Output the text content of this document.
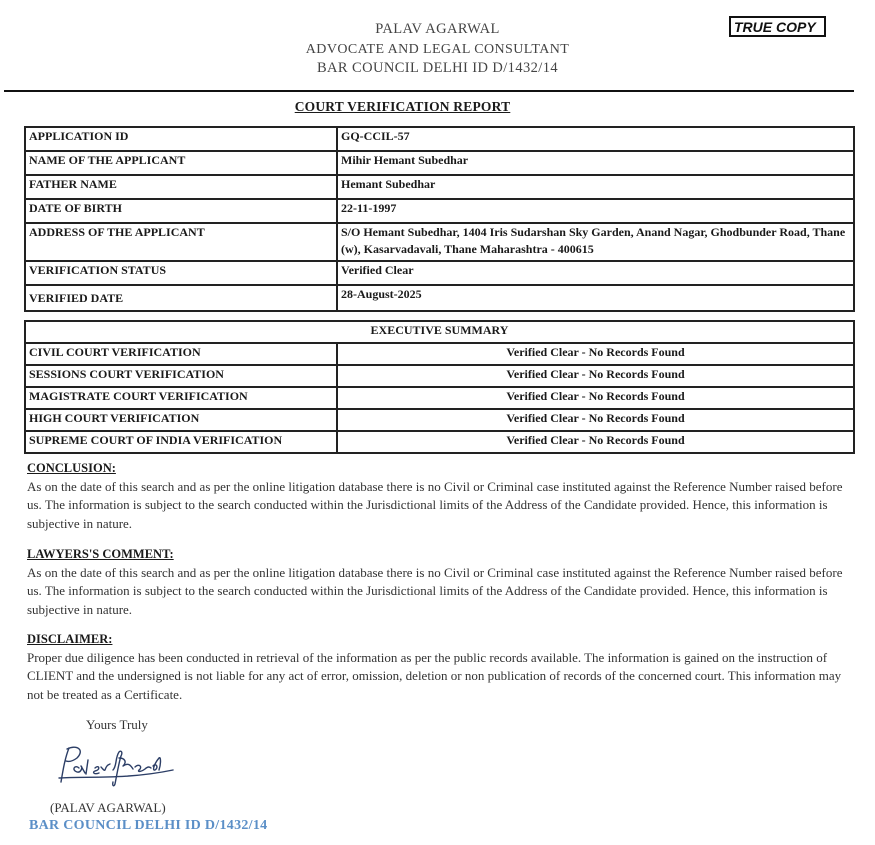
PALAV AGARWAL
ADVOCATE AND LEGAL CONSULTANT
BAR COUNCIL DELHI ID D/1432/14
TRUE COPY
COURT VERIFICATION REPORT
APPLICATION ID	GQ-CCIL-57
NAME OF THE APPLICANT	Mihir Hemant Subedhar
FATHER NAME	Hemant Subedhar
DATE OF BIRTH	22-11-1997
ADDRESS OF THE APPLICANT	S/O Hemant Subedhar, 1404 Iris Sudarshan Sky Garden, Anand Nagar, Ghodbunder Road, Thane (w), Kasarvadavali, Thane Maharashtra - 400615
VERIFICATION STATUS	Verified Clear
VERIFIED DATE	28-August-2025
EXECUTIVE SUMMARY	
CIVIL COURT VERIFICATION	Verified Clear - No Records Found
SESSIONS COURT VERIFICATION	Verified Clear - No Records Found
MAGISTRATE COURT VERIFICATION	Verified Clear - No Records Found
HIGH COURT VERIFICATION	Verified Clear - No Records Found
SUPREME COURT OF INDIA VERIFICATION	Verified Clear - No Records Found
CONCLUSION:
As on the date of this search and as per the online litigation database there is no Civil or Criminal case instituted against the Reference Number raised before us. The information is subject to the search conducted within the Jurisdictional limits of the Address of the Candidate provided. Hence, this information is subjective in nature.
LAWYERS'S COMMENT:
As on the date of this search and as per the online litigation database there is no Civil or Criminal case instituted against the Reference Number raised before us. The information is subject to the search conducted within the Jurisdictional limits of the Address of the Candidate provided. Hence, this information is subjective in nature.
DISCLAIMER:
Proper due diligence has been conducted in retrieval of the information as per the public records available. The information is gained on the instruction of CLIENT and the undersigned is not liable for any act of error, omission, deletion or non publication of records of the concerned court. This information may not be treated as a Certificate.
Yours Truly
(PALAV AGARWAL)
BAR COUNCIL DELHI ID D/1432/14
